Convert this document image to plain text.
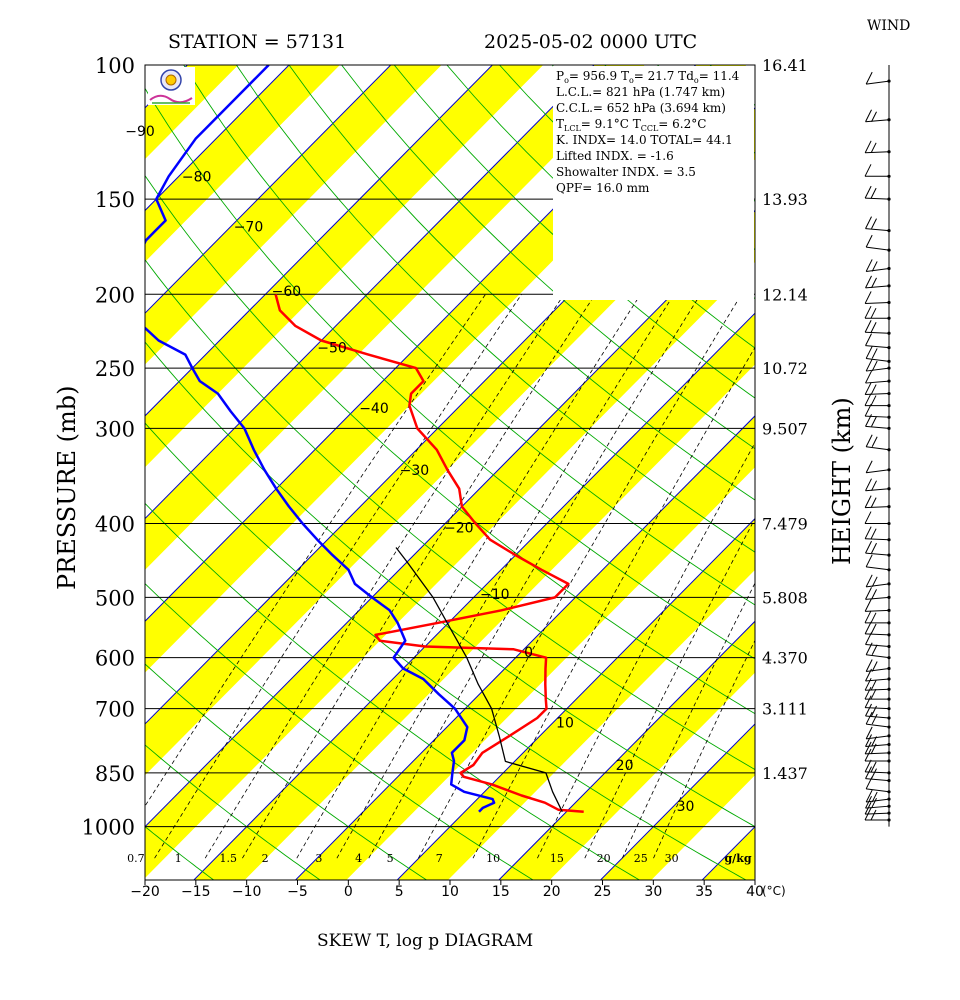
0.7	1	1.5 2	3	4 5	7	10	15	20 25 30	g/kg
100
150
200
250
300
400
500
600
700
850
1000
16.41
13.93
12.14
10.72
9.507
7.479
5.808
4.370
3.111
1.437
−20 −15 −10 −5	0	5	10 15 20 25 30 35 40
−90
−80
−70
−60
−50
−40
−30
−20
−10
0
10
20
30
STATION = 57131	2025-05-02 0000 UTC
WIND
PRESSURE (mb)	HEIGHT (km)
SKEW T, log p DIAGRAM
(°C)
$P_o= 956.9$ $T_o= 21.7$ $Td_o= 11.4$
L.C.L.= 821 hPa (1.747 km)
C.C.L.= 652 hPa (3.694 km)
$T_{LCL}= 9.1^\circ C$ $T_{CCL}= 6.2^\circ C$
K. INDX= 14.0 TOTAL= 44.1
Lifted INDX. = -1.6
Showalter INDX. = 3.5
QPF= 16.0 mm
